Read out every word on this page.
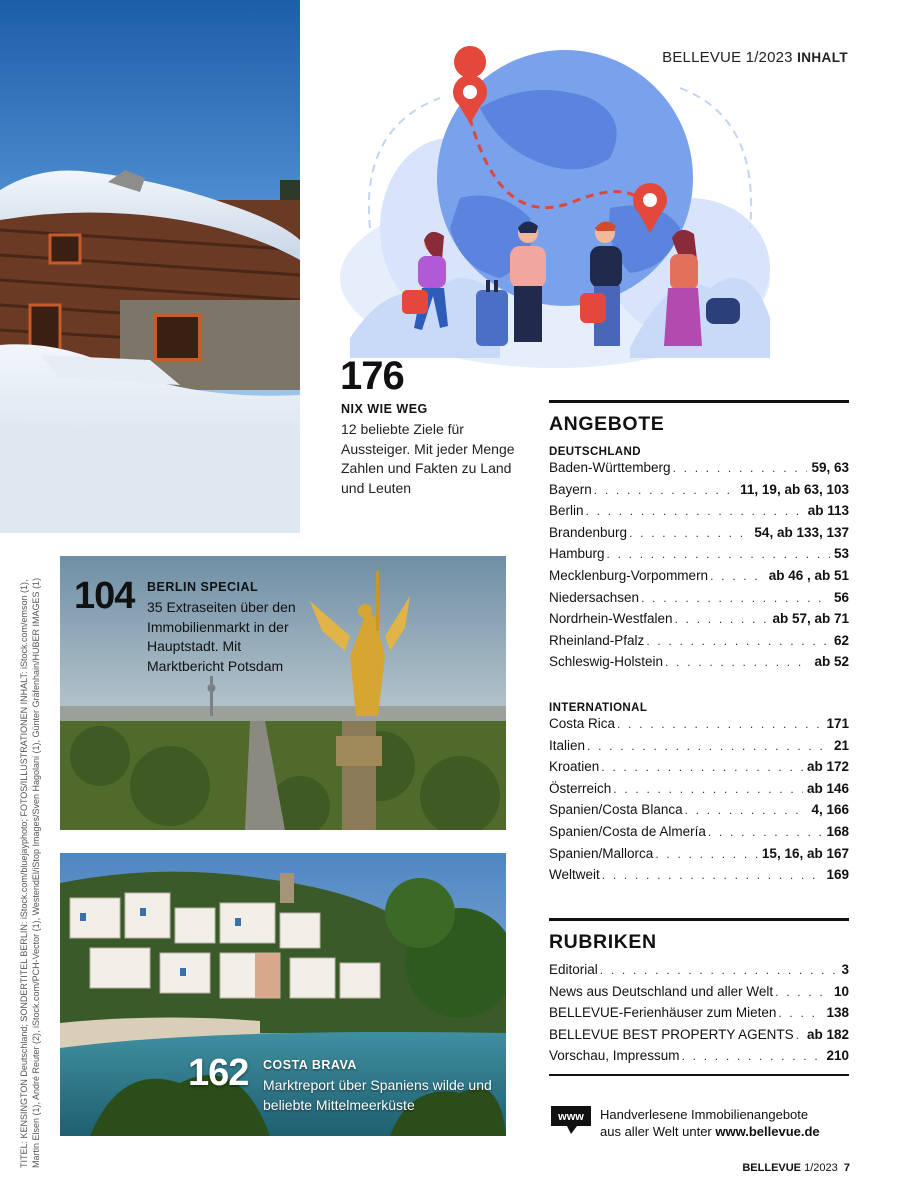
BELLEVUE 1/2023 INHALT
176
NIX WIE WEG
12 beliebte Ziele für Aussteiger. Mit jeder Menge Zahlen und Fakten zu Land und Leuten
104 BERLIN SPECIAL
35 Extraseiten über den Immobilienmarkt in der Hauptstadt. Mit Marktbericht Potsdam
162 COSTA BRAVA
Marktreport über Spaniens wilde und beliebte Mittelmeerküste
TITEL: KENSINGTON Deutschland; SONDERTITEL BERLIN: iStock.com/bluejayphoto; FOTOS/ILLUSTRATIONEN INHALT: iStock.com/emson (1), Martin Elsen (1), André Reuter (2), iStock.com/PCH-Vector (1), WestendEl/iStop Images/Sven Hagolani (1), Günter Gräfenhain/HUBER IMAGES (1)
ANGEBOTE
DEUTSCHLAND
Baden-Württemberg . . .	59, 63
Bayern . . .	11, 19, ab 63, 103
Berlin . . .	ab 113
Brandenburg . . .	54, ab 133, 137
Hamburg . . .	53
Mecklenburg-Vorpommern . . .	ab 46 , ab 51
Niedersachsen . . .	56
Nordrhein-Westfalen . . .	ab 57, ab 71
Rheinland-Pfalz . . .	62
Schleswig-Holstein . . .	ab 52
INTERNATIONAL
Costa Rica . . .	171
Italien . . .	21
Kroatien . . .	ab 172
Österreich . . .	ab 146
Spanien/Costa Blanca . . .	4, 166
Spanien/Costa de Almería . . .	168
Spanien/Mallorca . . .	15, 16, ab 167
Weltweit . . .	169
RUBRIKEN
Editorial . . .	3
News aus Deutschland und aller Welt . . .	10
BELLEVUE-Ferienhäuser zum Mieten . . .	138
BELLEVUE BEST PROPERTY AGENTS . . . ab 182
Vorschau, Impressum . . .	210
www Handverlesene Immobilienangebote
aus aller Welt unter www.bellevue.de
BELLEVUE 1/2023 7
